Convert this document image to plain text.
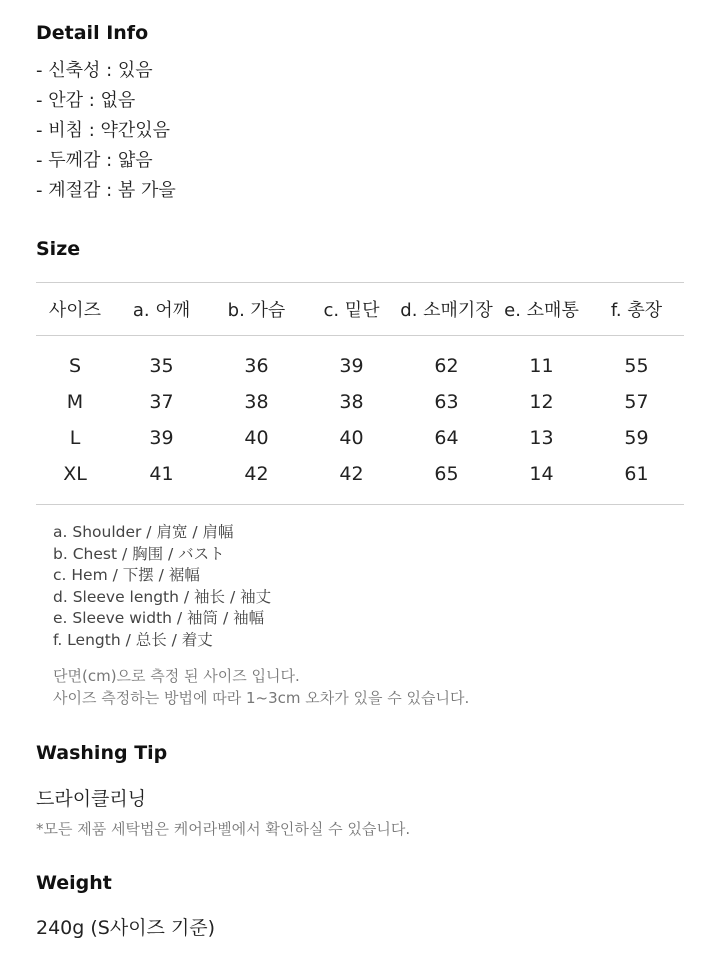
Detail Info
- 신축성 : 있음
- 안감 : 없음
- 비침 : 약간있음
- 두께감 : 얇음
- 계절감 : 봄 가을
Size
사이즈	a. 어깨	b. 가슴	c. 밑단	d. 소매기장	e. 소매통	f. 총장

S	35	36	39	62	11	55
M	37	38	38	63	12	57
L	39	40	40	64	13	59
XL	41	42	42	65	14	61

a. Shoulder / 肩宽 / 肩幅
b. Chest / 胸围 / バスト
c. Hem / 下摆 / 裾幅
d. Sleeve length / 袖长 / 袖丈
e. Sleeve width / 袖筒 / 袖幅
f. Length / 总长 / 着丈

단면(cm)으로 측정 된 사이즈 입니다.

사이즈 측정하는 방법에 따라 1~3cm 오차가 있을 수 있습니다.

Washing Tip

드라이클리닝

*모든 제품 세탁법은 케어라벨에서 확인하실 수 있습니다.

Weight

240g (S사이즈 기준)
